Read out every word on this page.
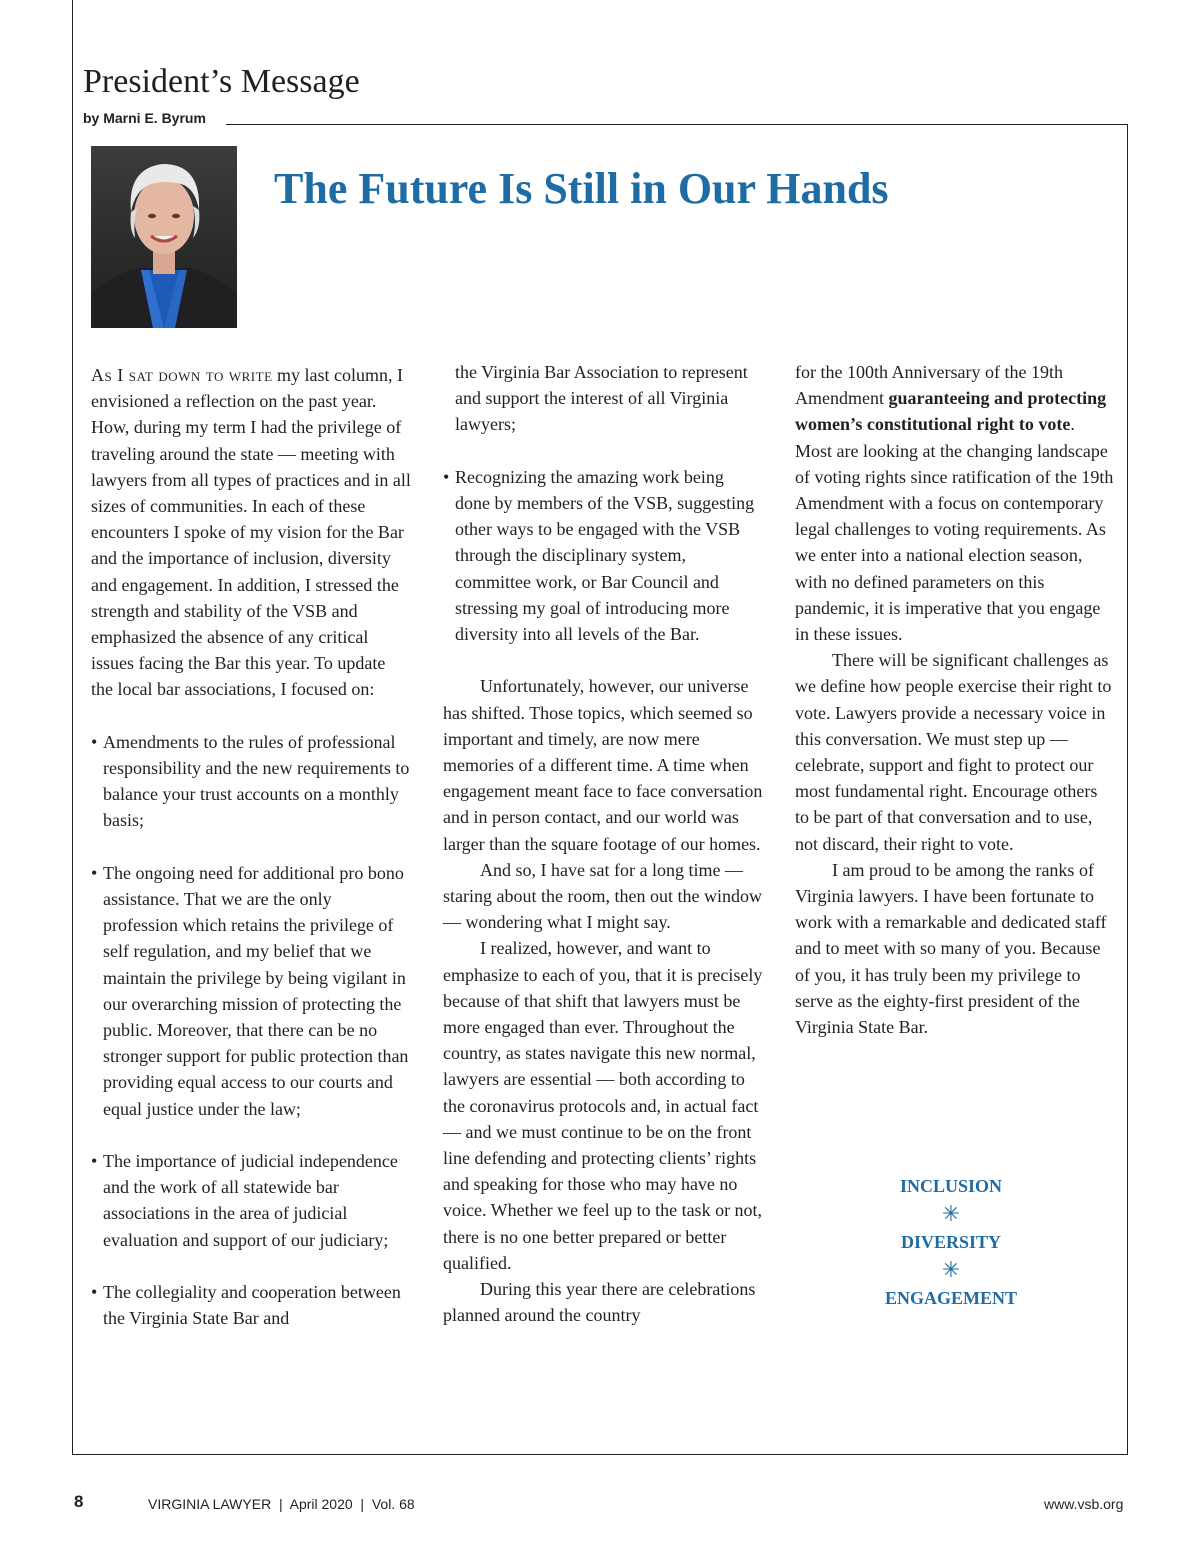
President’s Message
by Marni E. Byrum
The Future Is Still in Our Hands

As I sat down to write my last column, I envisioned a reflection on the past year. How, during my term I had the privilege of traveling around the state — meeting with lawyers from all types of practices and in all sizes of communities. In each of these encounters I spoke of my vision for the Bar and the importance of inclusion, diversity and engagement. In addition, I stressed the strength and stability of the VSB and emphasized the absence of any critical issues facing the Bar this year. To update the local bar associations, I focused on:

• Amendments to the rules of professional responsibility and the new requirements to balance your trust accounts on a monthly basis;

• The ongoing need for additional pro bono assistance. That we are the only profession which retains the privilege of self regulation, and my belief that we maintain the privilege by being vigilant in our overarching mission of protecting the public. Moreover, that there can be no stronger support for public protection than providing equal access to our courts and equal justice under the law;

• The importance of judicial independence and the work of all statewide bar associations in the area of judicial evaluation and support of our judiciary;

• The collegiality and cooperation between the Virginia State Bar and

the Virginia Bar Association to represent and support the interest of all Virginia lawyers;

• Recognizing the amazing work being done by members of the VSB, suggesting other ways to be engaged with the VSB through the disciplinary system, committee work, or Bar Council and stressing my goal of introducing more diversity into all levels of the Bar.

Unfortunately, however, our universe has shifted. Those topics, which seemed so important and timely, are now mere memories of a different time. A time when engagement meant face to face conversation and in person contact, and our world was larger than the square footage of our homes.

And so, I have sat for a long time — staring about the room, then out the window — wondering what I might say.

I realized, however, and want to emphasize to each of you, that it is precisely because of that shift that lawyers must be more engaged than ever. Throughout the country, as states navigate this new normal, lawyers are essential — both according to the coronavirus protocols and, in actual fact — and we must continue to be on the front line defending and protecting clients’ rights and speaking for those who may have no voice. Whether we feel up to the task or not, there is no one better prepared or better qualified.

During this year there are celebrations planned around the country

for the 100th Anniversary of the 19th Amendment guaranteeing and protecting women’s constitutional right to vote. Most are looking at the changing landscape of voting rights since ratification of the 19th Amendment with a focus on contemporary legal challenges to voting requirements. As we enter into a national election season, with no defined parameters on this pandemic, it is imperative that you engage in these issues.

There will be significant challenges as we define how people exercise their right to vote. Lawyers provide a necessary voice in this conversation. We must step up — celebrate, support and fight to protect our most fundamental right. Encourage others to be part of that conversation and to use, not discard, their right to vote.

I am proud to be among the ranks of Virginia lawyers. I have been fortunate to work with a remarkable and dedicated staff and to meet with so many of you. Because of you, it has truly been my privilege to serve as the eighty-first president of the Virginia State Bar.

INCLUSION
✳
DIVERSITY
✳
ENGAGEMENT
8	VIRGINIA LAWYER  |  April 2020  |  Vol. 68	www.vsb.org
